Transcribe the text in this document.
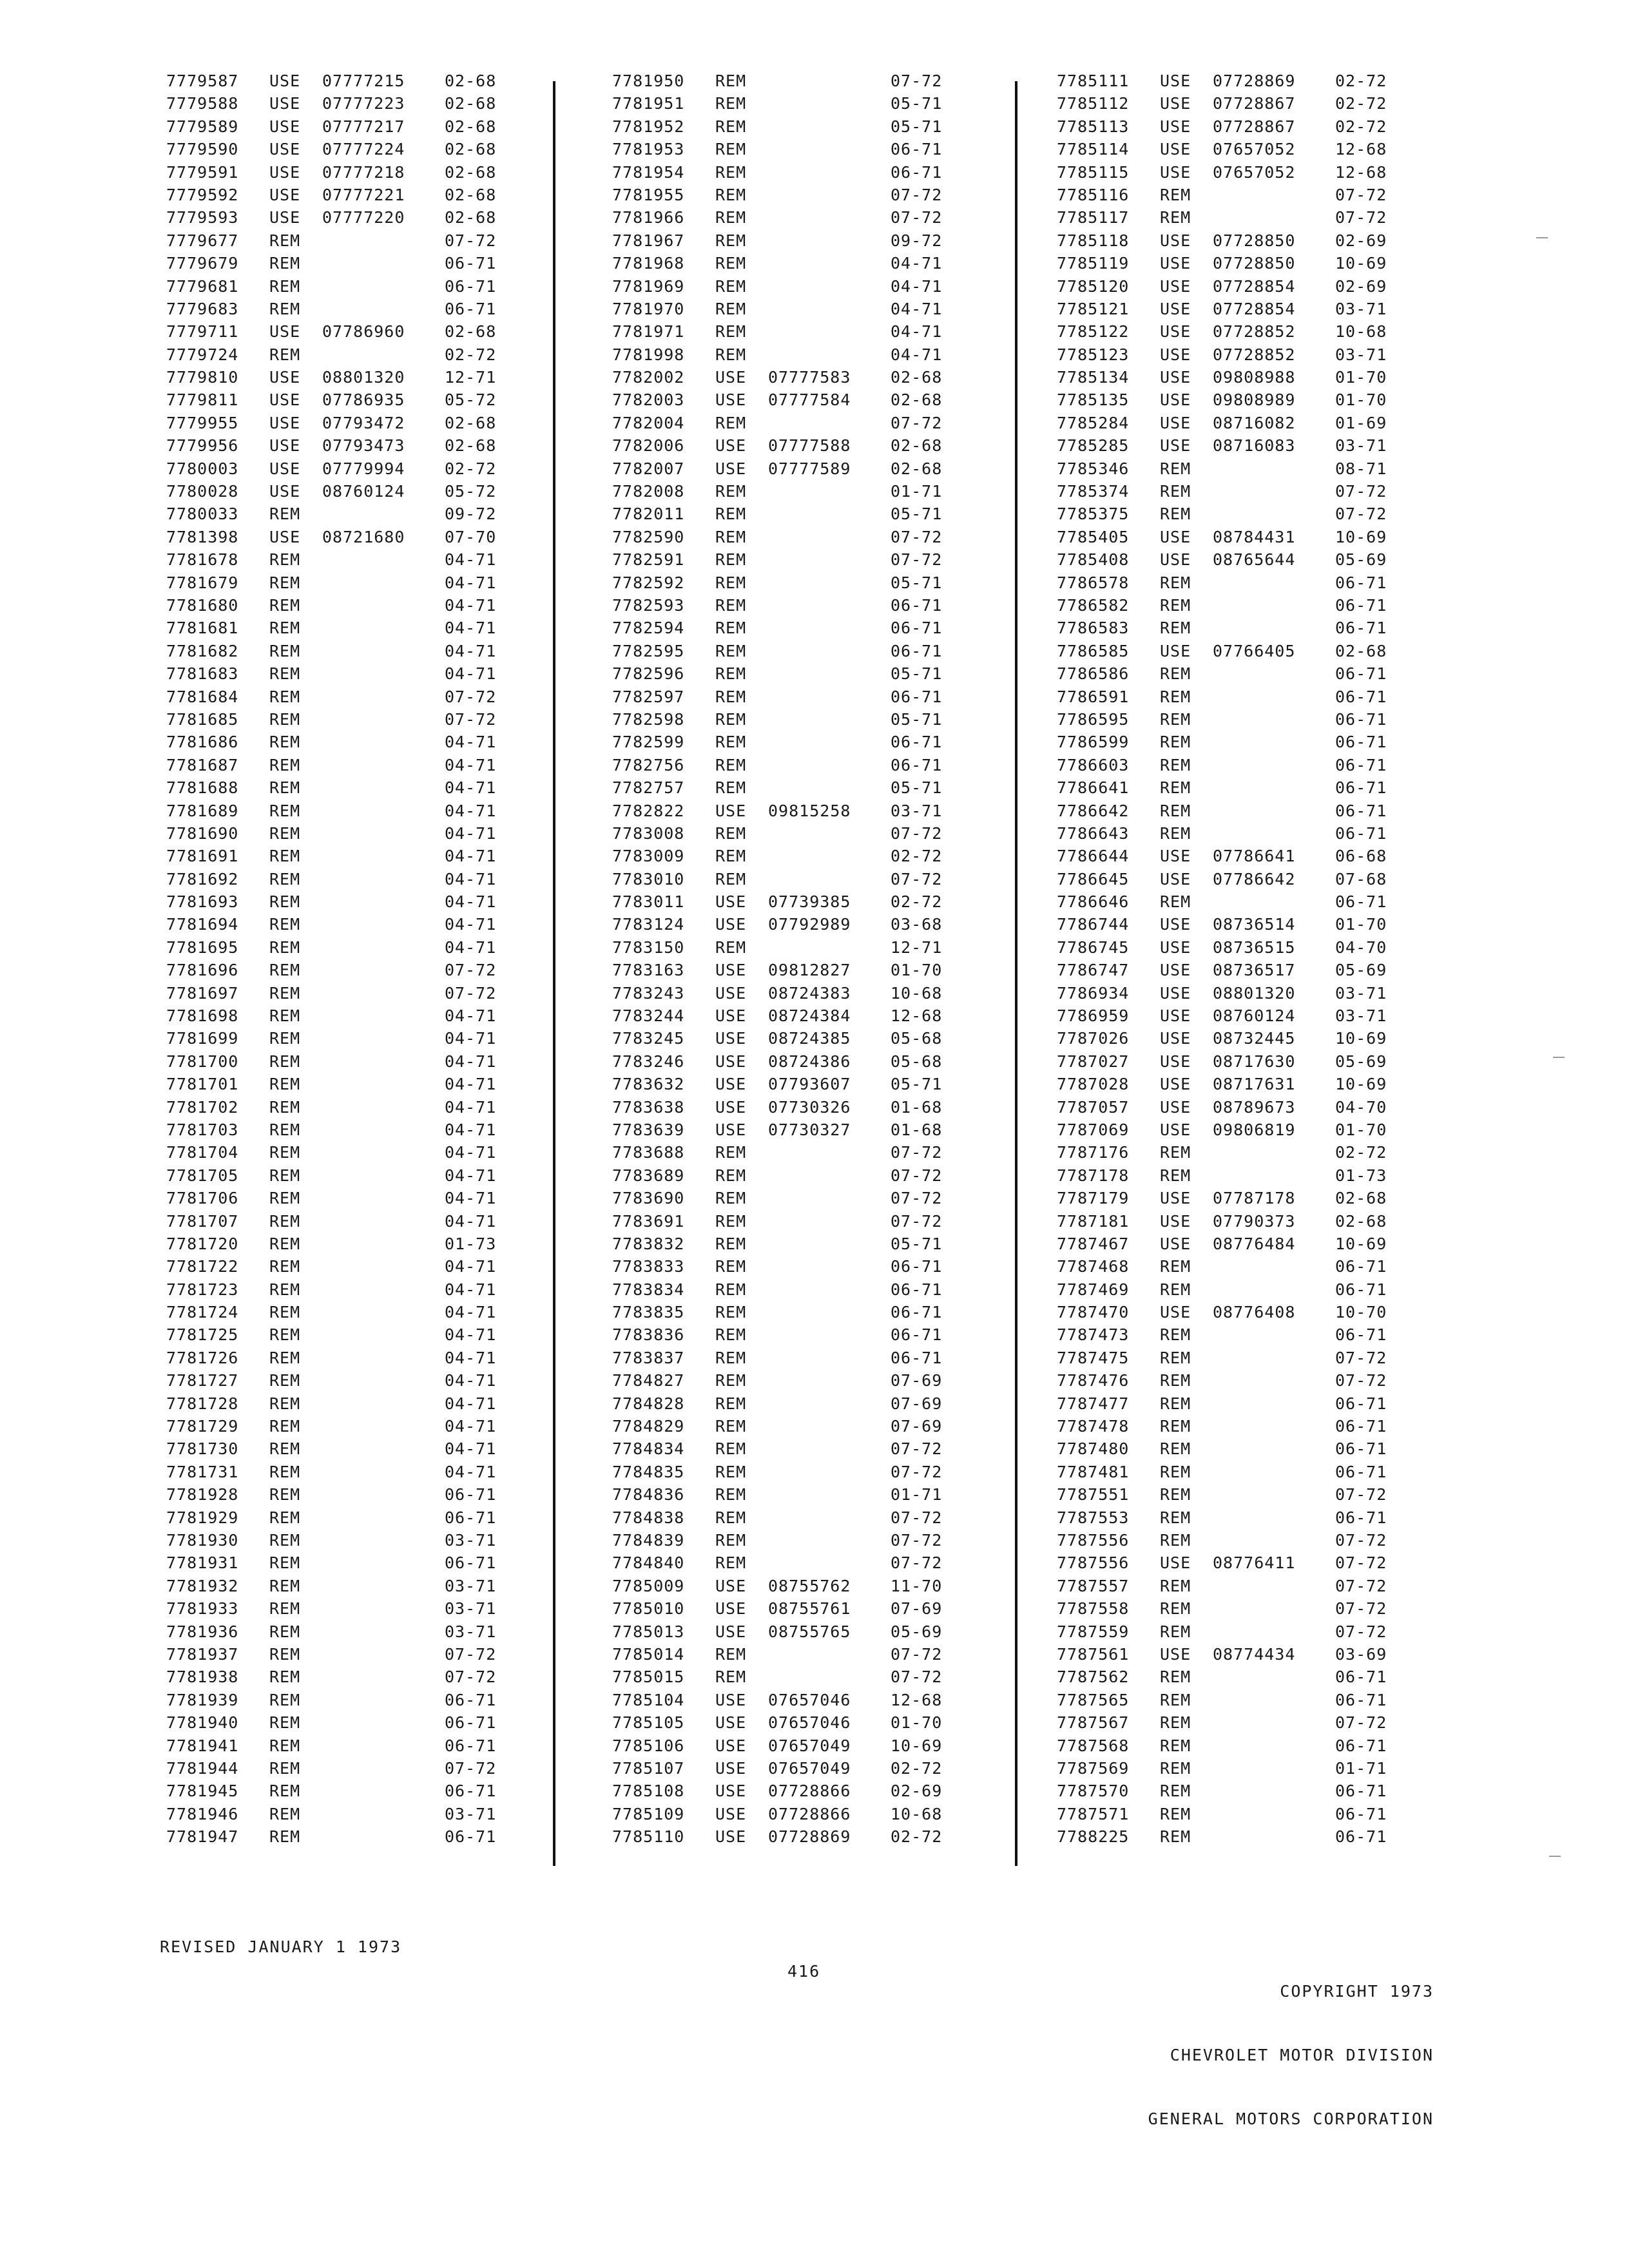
7779587 USE 07777215 02-68
7779588 USE 07777223 02-68
7779589 USE 07777217 02-68
7779590 USE 07777224 02-68
7779591 USE 07777218 02-68
7779592 USE 07777221 02-68
7779593 USE 07777220 02-68
7779677 REM	07-72
7779679 REM	06-71
7779681 REM	06-71
7779683 REM	06-71
7779711 USE 07786960 02-68
7779724 REM	02-72
7779810 USE 08801320 12-71
7779811 USE 07786935 05-72
7779955 USE 07793472 02-68
7779956 USE 07793473 02-68
7780003 USE 07779994 02-72
7780028 USE 08760124 05-72
7780033 REM	09-72
7781398 USE 08721680 07-70
7781678 REM	04-71
7781679 REM	04-71
7781680 REM	04-71
7781681 REM	04-71
7781682 REM	04-71
7781683 REM	04-71
7781684 REM	07-72
7781685 REM	07-72
7781686 REM	04-71
7781687 REM	04-71
7781688 REM	04-71
7781689 REM	04-71
7781690 REM	04-71
7781691 REM	04-71
7781692 REM	04-71
7781693 REM	04-71
7781694 REM	04-71
7781695 REM	04-71
7781696 REM	07-72
7781697 REM	07-72
7781698 REM	04-71
7781699 REM	04-71
7781700 REM	04-71
7781701 REM	04-71
7781702 REM	04-71
7781703 REM	04-71
7781704 REM	04-71
7781705 REM	04-71
7781706 REM	04-71
7781707 REM	04-71
7781720 REM	01-73
7781722 REM	04-71
7781723 REM	04-71
7781724 REM	04-71
7781725 REM	04-71
7781726 REM	04-71
7781727 REM	04-71
7781728 REM	04-71
7781729 REM	04-71
7781730 REM	04-71
7781731 REM	04-71
7781928 REM	06-71
7781929 REM	06-71
7781930 REM	03-71
7781931 REM	06-71
7781932 REM	03-71
7781933 REM	03-71
7781936 REM	03-71
7781937 REM	07-72
7781938 REM	07-72
7781939 REM	06-71
7781940 REM	06-71
7781941 REM	06-71
7781944 REM	07-72
7781945 REM	06-71
7781946 REM	03-71
7781947 REM	06-71
7781950 REM	07-72
7781951 REM	05-71
7781952 REM	05-71
7781953 REM	06-71
7781954 REM	06-71
7781955 REM	07-72
7781966 REM	07-72
7781967 REM	09-72
7781968 REM	04-71
7781969 REM	04-71
7781970 REM	04-71
7781971 REM	04-71
7781998 REM	04-71
7782002 USE 07777583 02-68
7782003 USE 07777584 02-68
7782004 REM	07-72
7782006 USE 07777588 02-68
7782007 USE 07777589 02-68
7782008 REM	01-71
7782011 REM	05-71
7782590 REM	07-72
7782591 REM	07-72
7782592 REM	05-71
7782593 REM	06-71
7782594 REM	06-71
7782595 REM	06-71
7782596 REM	05-71
7782597 REM	06-71
7782598 REM	05-71
7782599 REM	06-71
7782756 REM	06-71
7782757 REM	05-71
7782822 USE 09815258 03-71
7783008 REM	07-72
7783009 REM	02-72
7783010 REM	07-72
7783011 USE 07739385 02-72
7783124 USE 07792989 03-68
7783150 REM	12-71
7783163 USE 09812827 01-70
7783243 USE 08724383 10-68
7783244 USE 08724384 12-68
7783245 USE 08724385 05-68
7783246 USE 08724386 05-68
7783632 USE 07793607 05-71
7783638 USE 07730326 01-68
7783639 USE 07730327 01-68
7783688 REM	07-72
7783689 REM	07-72
7783690 REM	07-72
7783691 REM	07-72
7783832 REM	05-71
7783833 REM	06-71
7783834 REM	06-71
7783835 REM	06-71
7783836 REM	06-71
7783837 REM	06-71
7784827 REM	07-69
7784828 REM	07-69
7784829 REM	07-69
7784834 REM	07-72
7784835 REM	07-72
7784836 REM	01-71
7784838 REM	07-72
7784839 REM	07-72
7784840 REM	07-72
7785009 USE 08755762 11-70
7785010 USE 08755761 07-69
7785013 USE 08755765 05-69
7785014 REM	07-72
7785015 REM	07-72
7785104 USE 07657046 12-68
7785105 USE 07657046 01-70
7785106 USE 07657049 10-69
7785107 USE 07657049 02-72
7785108 USE 07728866 02-69
7785109 USE 07728866 10-68
7785110 USE 07728869 02-72
7785111 USE 07728869 02-72
7785112 USE 07728867 02-72
7785113 USE 07728867 02-72
7785114 USE 07657052 12-68
7785115 USE 07657052 12-68
7785116 REM	07-72
7785117 REM	07-72
7785118 USE 07728850 02-69
7785119 USE 07728850 10-69
7785120 USE 07728854 02-69
7785121 USE 07728854 03-71
7785122 USE 07728852 10-68
7785123 USE 07728852 03-71
7785134 USE 09808988 01-70
7785135 USE 09808989 01-70
7785284 USE 08716082 01-69
7785285 USE 08716083 03-71
7785346 REM	08-71
7785374 REM	07-72
7785375 REM	07-72
7785405 USE 08784431 10-69
7785408 USE 08765644 05-69
7786578 REM	06-71
7786582 REM	06-71
7786583 REM	06-71
7786585 USE 07766405 02-68
7786586 REM	06-71
7786591 REM	06-71
7786595 REM	06-71
7786599 REM	06-71
7786603 REM	06-71
7786641 REM	06-71
7786642 REM	06-71
7786643 REM	06-71
7786644 USE 07786641 06-68
7786645 USE 07786642 07-68
7786646 REM	06-71
7786744 USE 08736514 01-70
7786745 USE 08736515 04-70
7786747 USE 08736517 05-69
7786934 USE 08801320 03-71
7786959 USE 08760124 03-71
7787026 USE 08732445 10-69
7787027 USE 08717630 05-69
7787028 USE 08717631 10-69
7787057 USE 08789673 04-70
7787069 USE 09806819 01-70
7787176 REM	02-72
7787178 REM	01-73
7787179 USE 07787178 02-68
7787181 USE 07790373 02-68
7787467 USE 08776484 10-69
7787468 REM	06-71
7787469 REM	06-71
7787470 USE 08776408 10-70
7787473 REM	06-71
7787475 REM	07-72
7787476 REM	07-72
7787477 REM	06-71
7787478 REM	06-71
7787480 REM	06-71
7787481 REM	06-71
7787551 REM	07-72
7787553 REM	06-71
7787556 REM	07-72
7787556 USE 08776411 07-72
7787557 REM	07-72
7787558 REM	07-72
7787559 REM	07-72
7787561 USE 08774434 03-69
7787562 REM	06-71
7787565 REM	06-71
7787567 REM	07-72
7787568 REM	06-71
7787569 REM	01-71
7787570 REM	06-71
7787571 REM	06-71
7788225 REM	06-71
REVISED JANUARY 1 1973
416

COPYRIGHT 1973

CHEVROLET MOTOR DIVISION

GENERAL MOTORS CORPORATION
